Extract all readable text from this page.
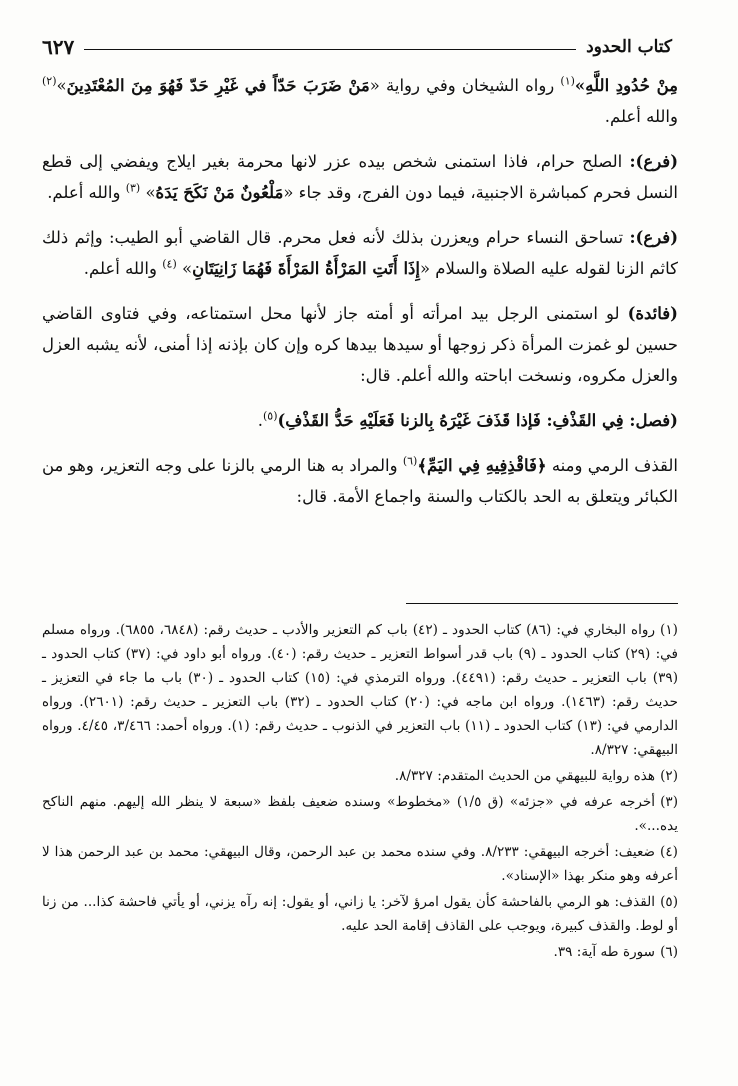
كتاب الحدود
٦٢٧

مِنْ حُدُودِ اللَّهِ»$^{(١)}$ رواه الشيخان وفي رواية «مَنْ ضَرَبَ حَدّاً في غَيْرِ حَدّ فَهُوَ مِنَ المُعْتَدِينَ»$^{(٢)}$ والله أعلم.

(فرع): الصلح حرام، فاذا استمنى شخص بيده عزر لانها محرمة بغير ايلاج ويفضي إلى قطع النسل فحرم كمباشرة الاجنبية، فيما دون الفرج، وقد جاء «مَلْعُونٌ مَنْ نَكَحَ يَدَهُ» $^{(٣)}$ والله أعلم.

(فرع): تساحق النساء حرام ويعزرن بذلك لأنه فعل محرم. قال القاضي أبو الطيب: وإثم ذلك كاثم الزنا لقوله عليه الصلاة والسلام «إِذَا أَتَتِ المَرْأَةُ المَرْأَةَ فَهُمَا زَانِيَتَانِ» $^{(٤)}$ والله أعلم.

(فائدة) لو استمنى الرجل بيد امرأته أو أمته جاز لأنها محل استمتاعه، وفي فتاوى القاضي حسين لو غمزت المرأة ذكر زوجها أو سيدها بيدها كره وإن كان بإذنه إذا أمنى، لأنه يشبه العزل والعزل مكروه، ونسخت اباحته والله أعلم. قال:

(فصل: فِي القَذْفِ: فَإذا قَذَفَ غَيْرَهُ بِالزنا فَعَلَيْهِ حَدُّ القَذْفِ)$^{(٥)}$.

القذف الرمي ومنه ﴿فَاقْذِفِيهِ فِي اليَمِّ﴾$^{(٦)}$ والمراد به هنا الرمي بالزنا على وجه التعزير، وهو من الكبائر ويتعلق به الحد بالكتاب والسنة واجماع الأمة. قال:

(١)رواه البخاري في: (٨٦) كتاب الحدود ـ (٤٢) باب كم التعزير والأدب ـ حديث رقم: (٦٨٤٨، ٦٨٥٥). ورواه مسلم في: (٢٩) كتاب الحدود ـ (٩) باب قدر أسواط التعزير ـ حديث رقم: (٤٠). ورواه أبو داود في: (٣٧) كتاب الحدود ـ (٣٩) باب التعزير ـ حديث رقم: (٤٤٩١). ورواه الترمذي في: (١٥) كتاب الحدود ـ (٣٠) باب ما جاء في التعزيز ـ حديث رقم: (١٤٦٣). ورواه ابن ماجه في: (٢٠) كتاب الحدود ـ (٣٢) باب التعزير ـ حديث رقم: (٢٦٠١). ورواه الدارمي في: (١٣) كتاب الحدود ـ (١١) باب التعزير في الذنوب ـ حديث رقم: (١). ورواه أحمد: ٣/٤٦٦، ٤/٤٥. ورواه البيهقي: ٨/٣٢٧.

(٢)هذه رواية للبيهقي من الحديث المتقدم: ٨/٣٢٧.

(٣)أخرجه عرفه في «جزئه» (ق ١/٥) «مخطوط» وسنده ضعيف بلفظ «سبعة لا ينظر الله إليهم. منهم الناكح يده...».

(٤)ضعيف: أخرجه البيهقي: ٨/٢٣٣. وفي سنده محمد بن عبد الرحمن، وقال البيهقي: محمد بن عبد الرحمن هذا لا أعرفه وهو منكر بهذا «الإسناد».

(٥)القذف: هو الرمي بالفاحشة كأن يقول امرؤ لآخر: يا زاني، أو يقول: إنه رآه يزني، أو يأتي فاحشة كذا... من زنا أو لوط. والقذف كبيرة، ويوجب على القاذف إقامة الحد عليه.

(٦)سورة طه آية: ٣٩.
